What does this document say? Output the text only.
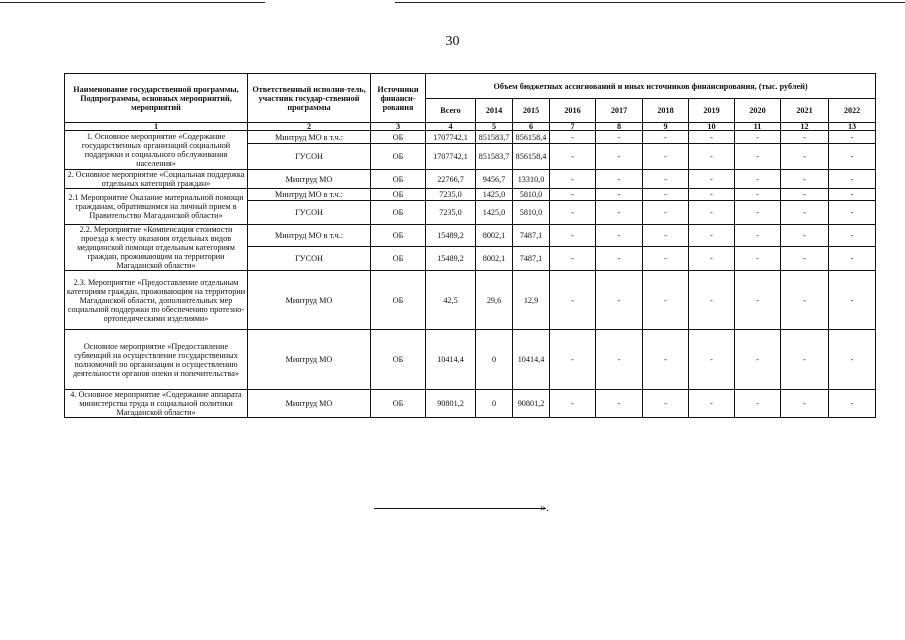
30
Наименование государственной программы, Подпрограммы, основных мероприятий, мероприятий	Ответственный исполни-тель, участник государ-ственной программы	Источники финанси-рования	Объем бюджетных ассигнований и иных источников финансирования, (тыс. рублей)									
			Всего	2014	2015	2016	2017	2018	2019	2020	2021	2022
1	2	3	4	5	6	7	8	9	10	11	12	13
1. Основное мероприятие «Содержание государственных организаций социальной поддержки и социального обслуживания населения»	Минтруд МО в т.ч.:	ОБ	1707742,1	851583,7	856158,4	-	-	-	-	-	-	-
	ГУСОН	ОБ	1707742,1	851583,7	856158,4	-	-	-	-	-	-	-
2. Основное мероприятие «Социальная поддержка отдельных категорий граждан»	Минтруд МО	ОБ	22766,7	9456,7	13310,0	-	-	-	-	-	-	-
2.1 Мероприятие Оказание материальной помощи гражданам, обратившимся на личный прием в Правительство Магаданской области»	Минтруд МО в т.ч.:	ОБ	7235,0	1425,0	5810,0	-	-	-	-	-	-	-
	ГУСОН	ОБ	7235,0	1425,0	5810,0	-	-	-	-	-	-	-
2.2. Мероприятие «Компенсация стоимости проезда к месту оказания отдельных видов медицинской помощи отдельным категориям граждан, проживающим на территории Магаданской области»	Минтруд МО в т.ч.:	ОБ	15489,2	8002,1	7487,1	-	-	-	-	-	-	-
	ГУСОН	ОБ	15489,2	8002,1	7487,1	-	-	-	-	-	-	-
2.3. Мероприятие «Предоставление отдельным категориям граждан, проживающим на территории Магаданской области, дополнительных мер социальной поддержки по обеспечению протезно-ортопедическими изделиями»	Минтруд МО	ОБ	42,5	29,6	12,9	-	-	-	-	-	-	-
Основное мероприятие «Предоставление субвенций на осуществление государственных полномочий по организации и осуществлению деятельности органов опеки и попечительства»	Минтруд МО	ОБ	10414,4	0	10414,4	-	-	-	-	-	-	-
4. Основное мероприятие «Содержание аппарата министерства труда и социальной политики Магаданской области»	Минтруд МО	ОБ	90801,2	0	90801,2	-	-	-	-	-	-	-
».
